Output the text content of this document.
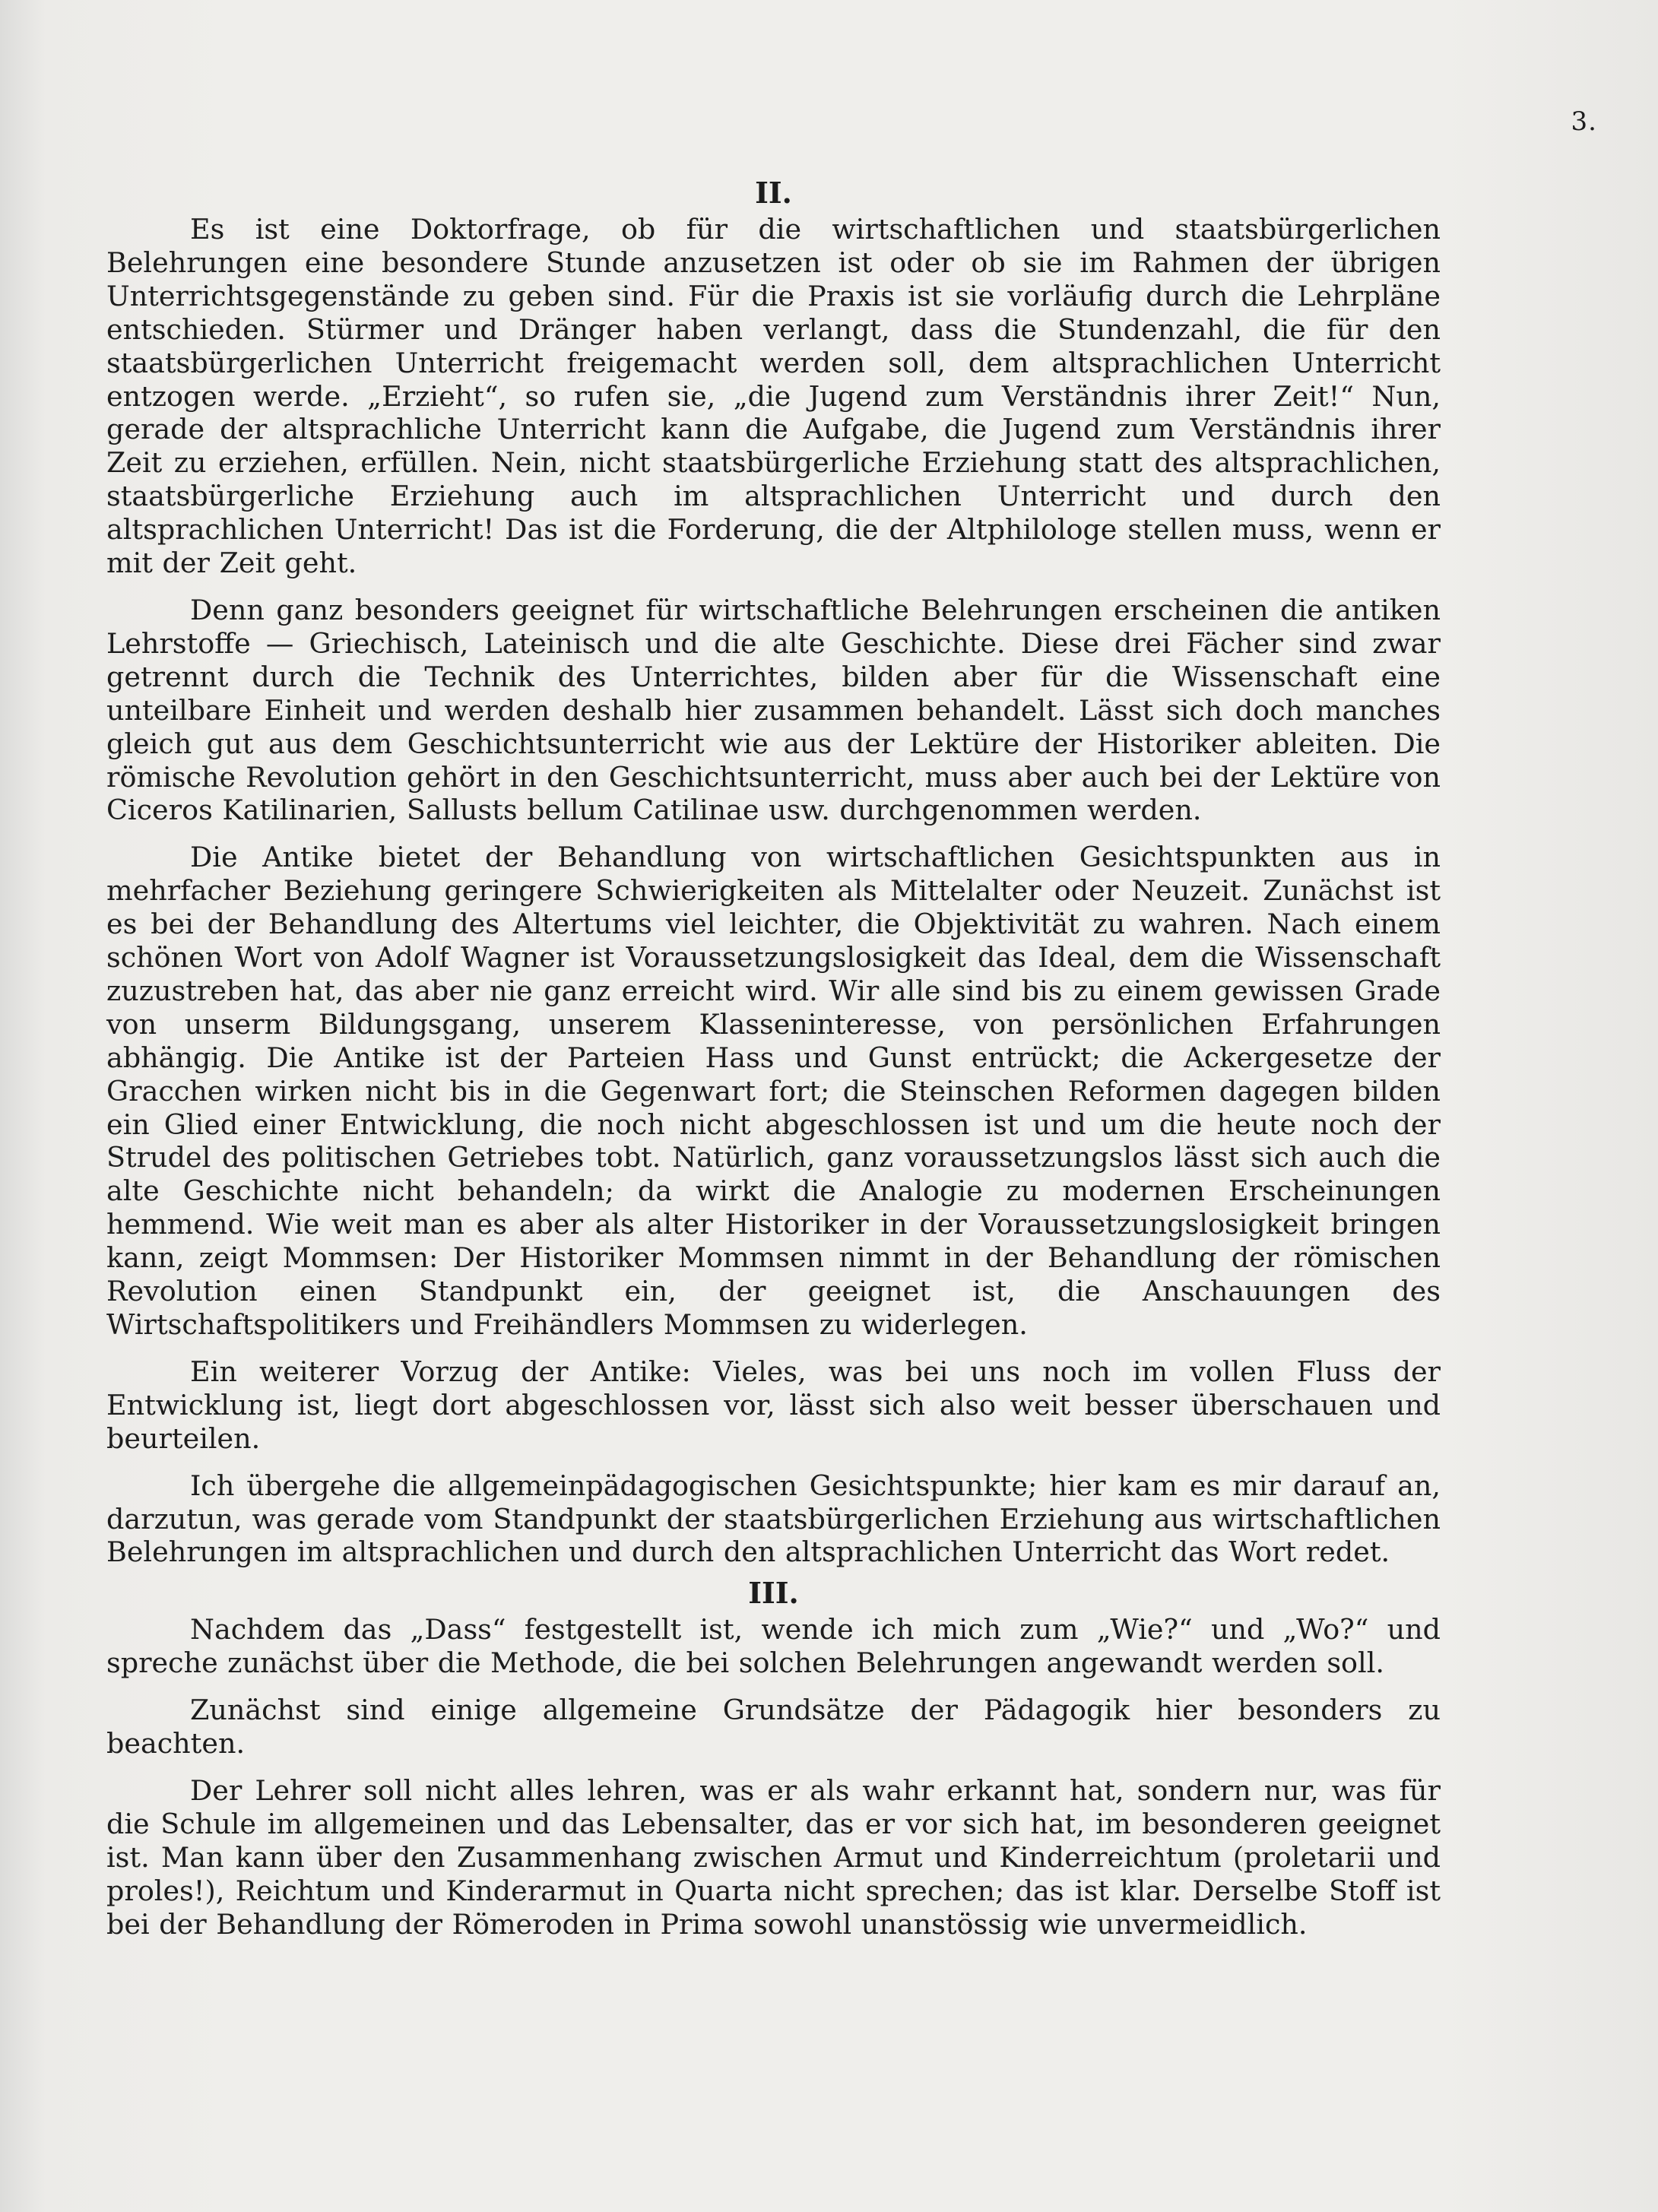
3.
II.

Es ist eine Doktorfrage, ob für die wirtschaftlichen und staatsbürgerlichen Belehrungen eine besondere Stunde anzusetzen ist oder ob sie im Rahmen der übrigen Unterrichtsgegenstände zu geben sind. Für die Praxis ist sie vorläufig durch die Lehrpläne entschieden. Stürmer und Dränger haben verlangt, dass die Stundenzahl, die für den staatsbürgerlichen Unterricht freigemacht werden soll, dem altsprachlichen Unterricht entzogen werde. „Erzieht“, so rufen sie, „die Jugend zum Verständnis ihrer Zeit!“ Nun, gerade der altsprachliche Unterricht kann die Aufgabe, die Jugend zum Verständnis ihrer Zeit zu erziehen, erfüllen. Nein, nicht staatsbürgerliche Erziehung statt des altsprachlichen, staatsbürgerliche Erziehung auch im altsprachlichen Unterricht und durch den altsprachlichen Unterricht! Das ist die Forderung, die der Altphilologe stellen muss, wenn er mit der Zeit geht.

Denn ganz besonders geeignet für wirtschaftliche Belehrungen erscheinen die antiken Lehrstoffe — Griechisch, Lateinisch und die alte Geschichte. Diese drei Fächer sind zwar getrennt durch die Technik des Unterrichtes, bilden aber für die Wissenschaft eine unteilbare Einheit und werden deshalb hier zusammen behandelt. Lässt sich doch manches gleich gut aus dem Geschichtsunterricht wie aus der Lektüre der Historiker ableiten. Die römische Revolution gehört in den Geschichtsunterricht, muss aber auch bei der Lektüre von Ciceros Katilinarien, Sallusts bellum Catilinae usw. durchgenommen werden.

Die Antike bietet der Behandlung von wirtschaftlichen Gesichtspunkten aus in mehrfacher Beziehung geringere Schwierigkeiten als Mittelalter oder Neuzeit. Zunächst ist es bei der Behandlung des Altertums viel leichter, die Objektivität zu wahren. Nach einem schönen Wort von Adolf Wagner ist Voraussetzungslosigkeit das Ideal, dem die Wissenschaft zuzustreben hat, das aber nie ganz erreicht wird. Wir alle sind bis zu einem gewissen Grade von unserm Bildungsgang, unserem Klasseninteresse, von persönlichen Erfahrungen abhängig. Die Antike ist der Parteien Hass und Gunst entrückt; die Ackergesetze der Gracchen wirken nicht bis in die Gegenwart fort; die Steinschen Reformen dagegen bilden ein Glied einer Entwicklung, die noch nicht abgeschlossen ist und um die heute noch der Strudel des politischen Getriebes tobt. Natürlich, ganz voraussetzungslos lässt sich auch die alte Geschichte nicht behandeln; da wirkt die Analogie zu modernen Erscheinungen hemmend. Wie weit man es aber als alter Historiker in der Voraussetzungslosigkeit bringen kann, zeigt Mommsen: Der Historiker Mommsen nimmt in der Behandlung der römischen Revolution einen Standpunkt ein, der geeignet ist, die Anschauungen des Wirtschaftspolitikers und Freihändlers Mommsen zu widerlegen.

Ein weiterer Vorzug der Antike: Vieles, was bei uns noch im vollen Fluss der Entwicklung ist, liegt dort abgeschlossen vor, lässt sich also weit besser überschauen und beurteilen.

Ich übergehe die allgemeinpädagogischen Gesichtspunkte; hier kam es mir darauf an, darzutun, was gerade vom Standpunkt der staatsbürgerlichen Erziehung aus wirtschaftlichen Belehrungen im altsprachlichen und durch den altsprachlichen Unterricht das Wort redet.

III.

Nachdem das „Dass“ festgestellt ist, wende ich mich zum „Wie?“ und „Wo?“ und spreche zunächst über die Methode, die bei solchen Belehrungen angewandt werden soll.

Zunächst sind einige allgemeine Grundsätze der Pädagogik hier besonders zu beachten.

Der Lehrer soll nicht alles lehren, was er als wahr erkannt hat, sondern nur, was für die Schule im allgemeinen und das Lebensalter, das er vor sich hat, im besonderen geeignet ist. Man kann über den Zusammenhang zwischen Armut und Kinderreichtum (proletarii und proles!), Reichtum und Kinderarmut in Quarta nicht sprechen; das ist klar. Derselbe Stoff ist bei der Behandlung der Römeroden in Prima sowohl unanstössig wie unvermeidlich.
